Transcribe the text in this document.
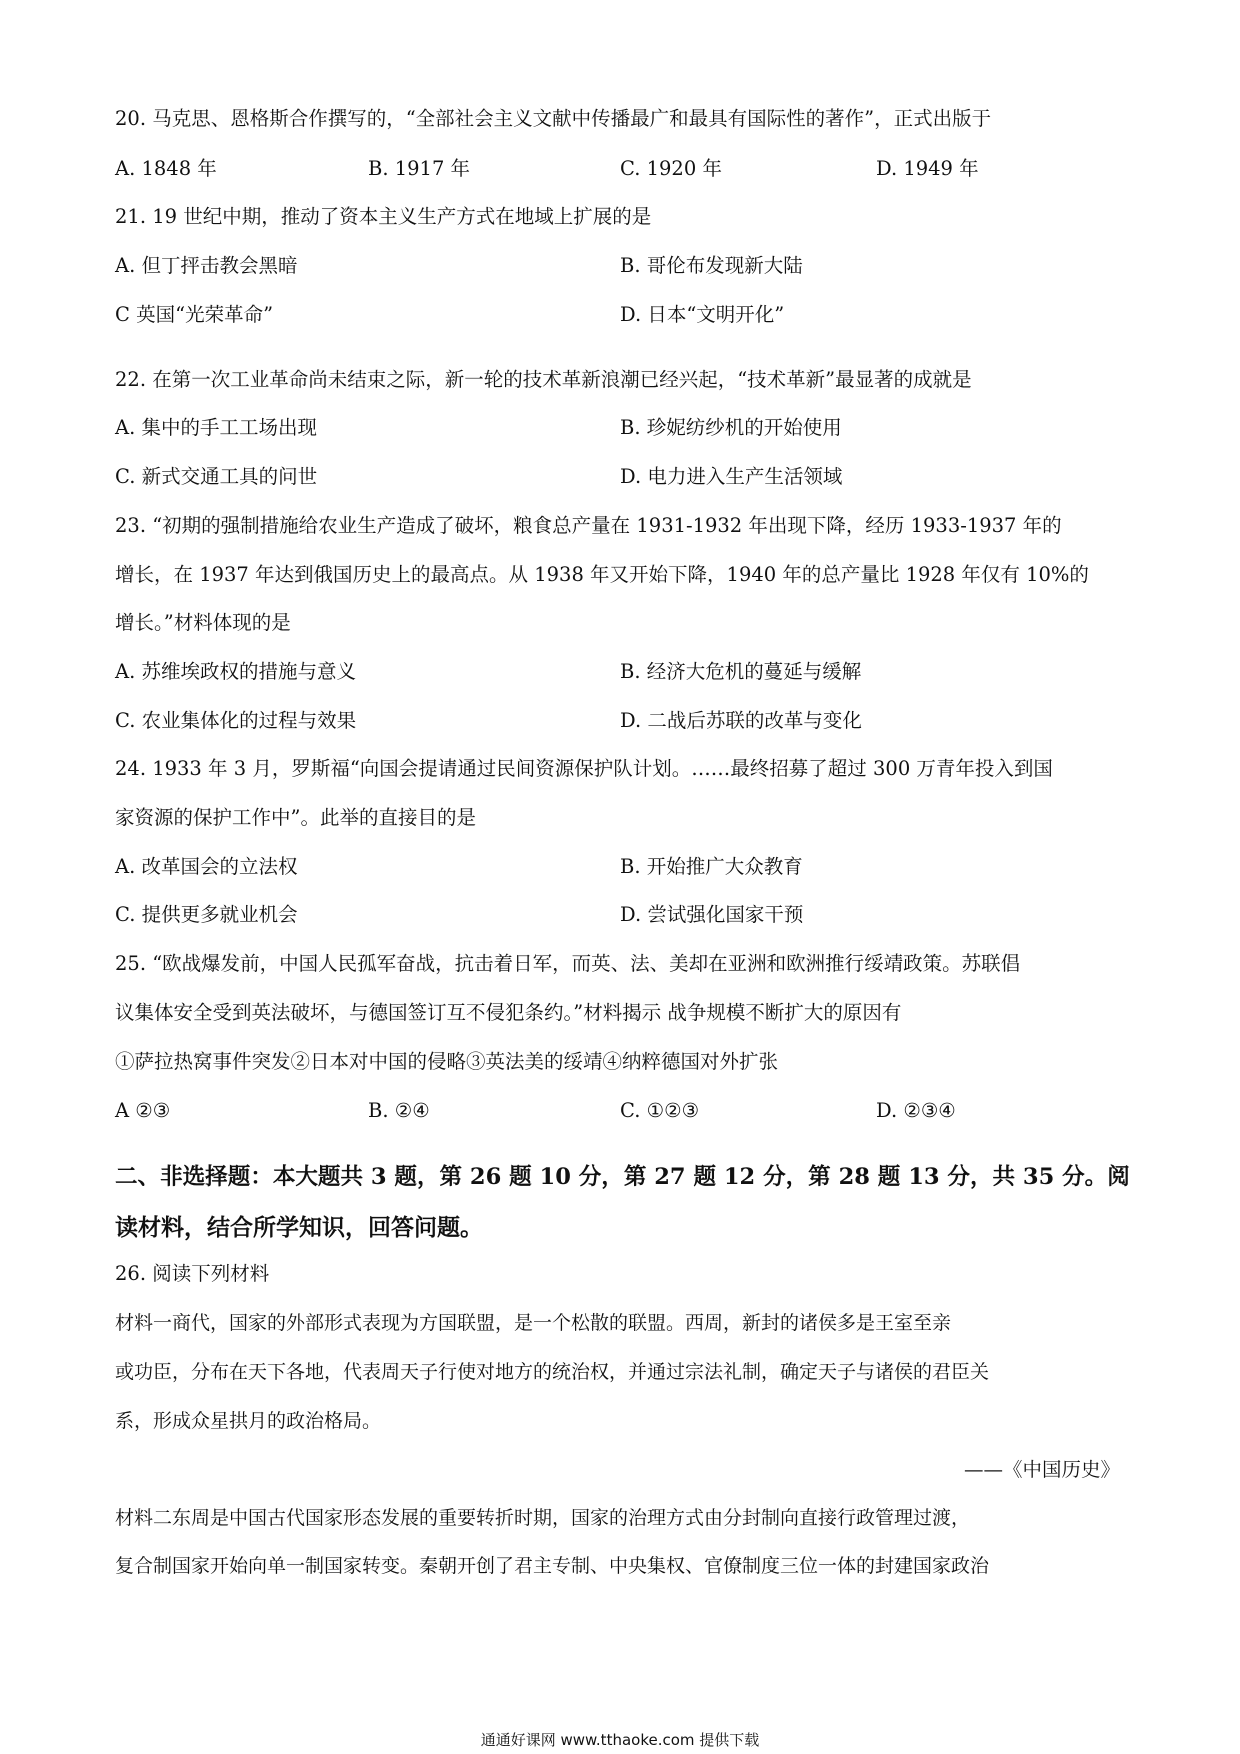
20. 马克思、恩格斯合作撰写的，“全部社会主义文献中传播最广和最具有国际性的著作”，正式出版于
A. 1848 年	B. 1917 年	C. 1920 年	D. 1949 年
21. 19 世纪中期，推动了资本主义生产方式在地域上扩展的是
A. 但丁抨击教会黑暗	B. 哥伦布发现新大陆
C 英国“光荣革命”	D. 日本“文明开化”
22. 在第一次工业革命尚未结束之际，新一轮的技术革新浪潮已经兴起，“技术革新”最显著的成就是
A. 集中的手工工场出现	B. 珍妮纺纱机的开始使用
C. 新式交通工具的问世	D. 电力进入生产生活领域
23. “初期的强制措施给农业生产造成了破坏，粮食总产量在 1931-1932 年出现下降，经历 1933-1937 年的
增长，在 1937 年达到俄国历史上的最高点。从 1938 年又开始下降，1940 年的总产量比 1928 年仅有 10%的
增长。”材料体现的是
A. 苏维埃政权的措施与意义	B. 经济大危机的蔓延与缓解
C. 农业集体化的过程与效果	D. 二战后苏联的改革与变化
24. 1933 年 3 月，罗斯福“向国会提请通过民间资源保护队计划。……最终招募了超过 300 万青年投入到国
家资源的保护工作中”。此举的直接目的是
A. 改革国会的立法权	B. 开始推广大众教育
C. 提供更多就业机会	D. 尝试强化国家干预
25. “欧战爆发前，中国人民孤军奋战，抗击着日军，而英、法、美却在亚洲和欧洲推行绥靖政策。苏联倡
议集体安全受到英法破坏，与德国签订互不侵犯条约。”材料揭示 战争规模不断扩大的原因有
①萨拉热窝事件突发②日本对中国的侵略③英法美的绥靖④纳粹德国对外扩张
A ②③	B. ②④	C. ①②③	D. ②③④
二、非选择题：本大题共 3 题，第 26 题 10 分，第 27 题 12 分，第 28 题 13 分，共 35 分。阅
读材料，结合所学知识，回答问题。
26. 阅读下列材料
材料一商代，国家的外部形式表现为方国联盟，是一个松散的联盟。西周，新封的诸侯多是王室至亲
或功臣，分布在天下各地，代表周天子行使对地方的统治权，并通过宗法礼制，确定天子与诸侯的君臣关
系，形成众星拱月的政治格局。
——《中国历史》
材料二东周是中国古代国家形态发展的重要转折时期，国家的治理方式由分封制向直接行政管理过渡，
复合制国家开始向单一制国家转变。秦朝开创了君主专制、中央集权、官僚制度三位一体的封建国家政治
通通好课网 www.tthaoke.com 提供下载
